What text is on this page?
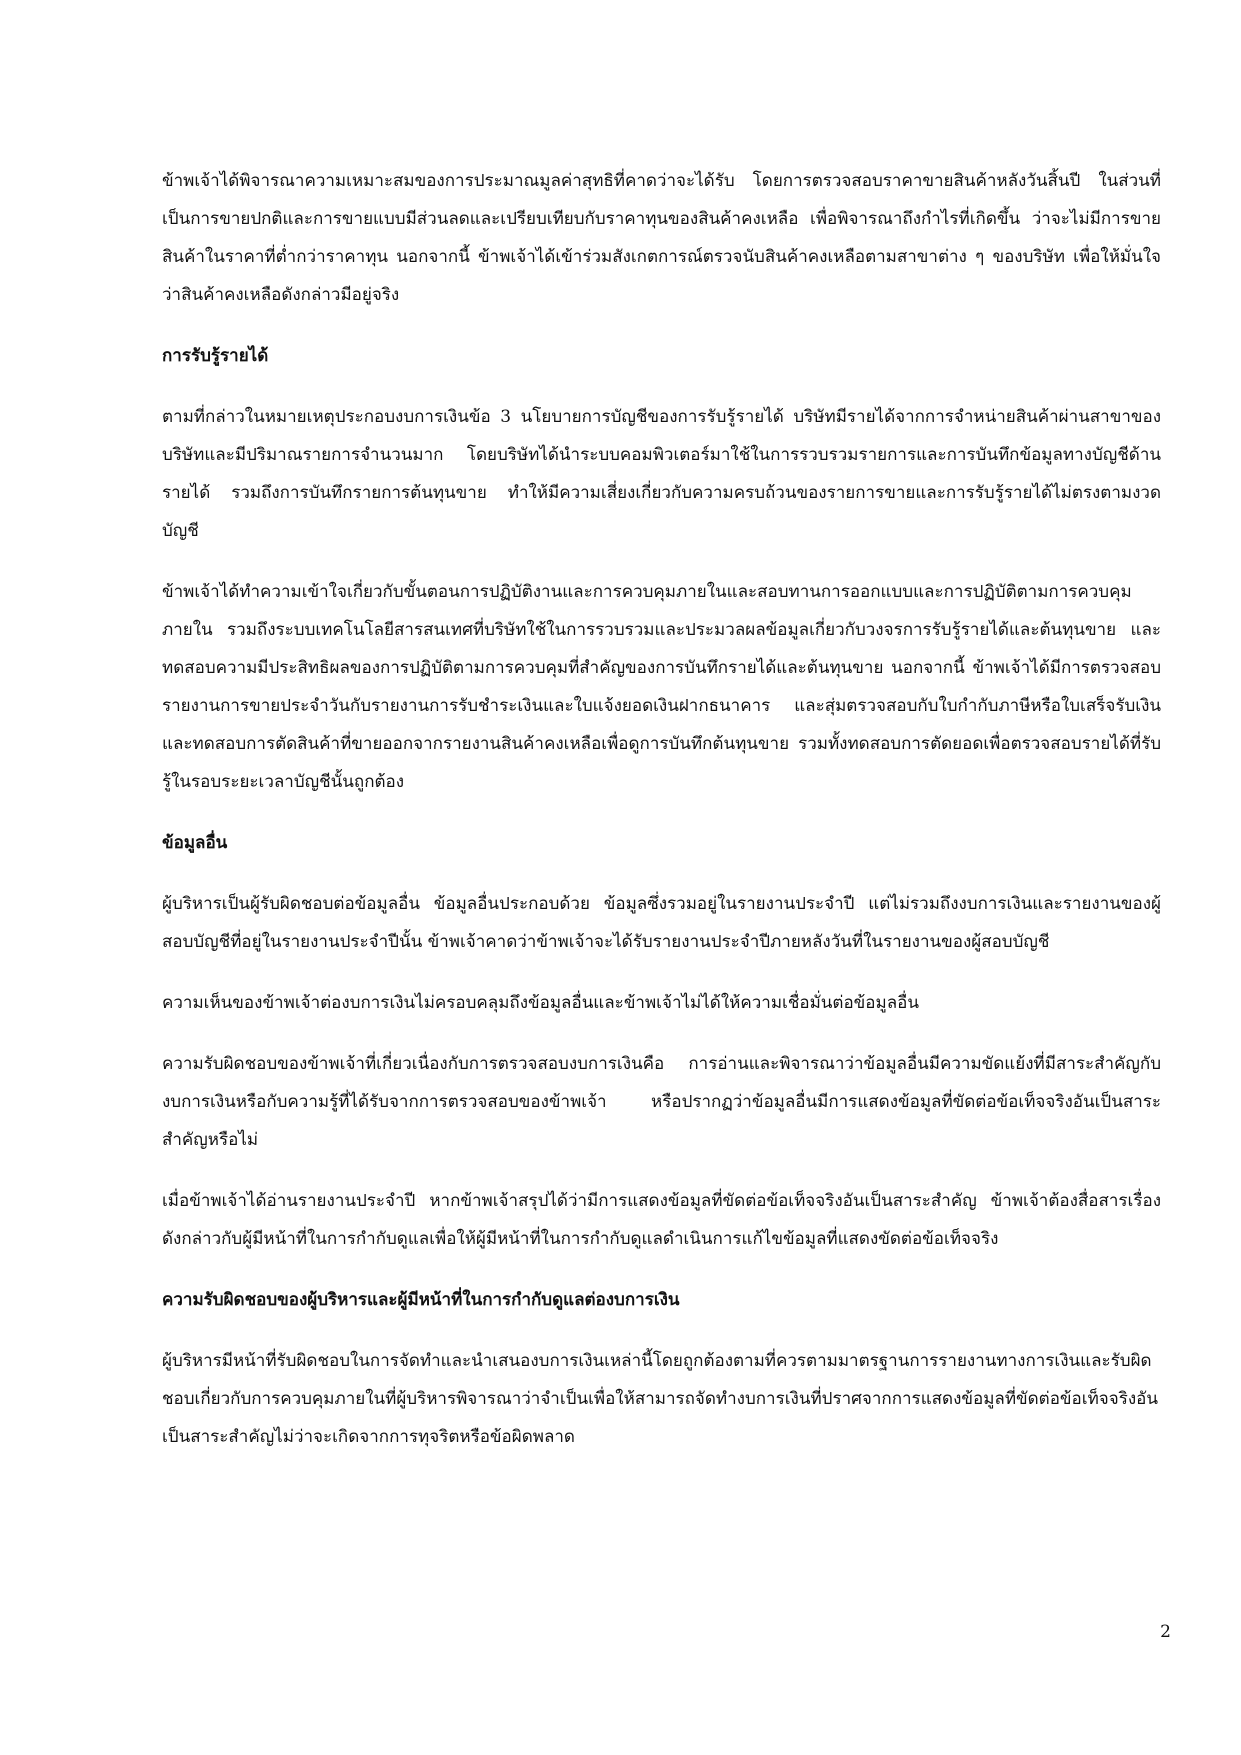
ข้าพเจ้าได้พิจารณาความเหมาะสมของการประมาณมูลค่าสุทธิที่คาดว่าจะได้รับ โดยการตรวจสอบราคาขายสินค้าหลังวันสิ้นปี ในส่วนที่เป็นการขายปกติและการขายแบบมีส่วนลดและเปรียบเทียบกับราคาทุนของสินค้าคงเหลือ เพื่อพิจารณาถึงกำไรที่เกิดขึ้น ว่าจะไม่มีการขายสินค้าในราคาที่ต่ำกว่าราคาทุน นอกจากนี้ ข้าพเจ้าได้เข้าร่วมสังเกตการณ์ตรวจนับสินค้าคงเหลือตามสาขาต่าง ๆ ของบริษัท เพื่อให้มั่นใจว่าสินค้าคงเหลือดังกล่าวมีอยู่จริง

การรับรู้รายได้

ตามที่กล่าวในหมายเหตุประกอบงบการเงินข้อ 3 นโยบายการบัญชีของการรับรู้รายได้ บริษัทมีรายได้จากการจำหน่ายสินค้าผ่านสาขาของบริษัทและมีปริมาณรายการจำนวนมาก โดยบริษัทได้นำระบบคอมพิวเตอร์มาใช้ในการรวบรวมรายการและการบันทึกข้อมูลทางบัญชีด้านรายได้ รวมถึงการบันทึกรายการต้นทุนขาย ทำให้มีความเสี่ยงเกี่ยวกับความครบถ้วนของรายการขายและการรับรู้รายได้ไม่ตรงตามงวดบัญชี

ข้าพเจ้าได้ทำความเข้าใจเกี่ยวกับขั้นตอนการปฏิบัติงานและการควบคุมภายในและสอบทานการออกแบบและการปฏิบัติตามการควบคุมภายใน รวมถึงระบบเทคโนโลยีสารสนเทศที่บริษัทใช้ในการรวบรวมและประมวลผลข้อมูลเกี่ยวกับวงจรการรับรู้รายได้และต้นทุนขาย และทดสอบความมีประสิทธิผลของการปฏิบัติตามการควบคุมที่สำคัญของการบันทึกรายได้และต้นทุนขาย นอกจากนี้ ข้าพเจ้าได้มีการตรวจสอบรายงานการขายประจำวันกับรายงานการรับชำระเงินและใบแจ้งยอดเงินฝากธนาคาร และสุ่มตรวจสอบกับใบกำกับภาษีหรือใบเสร็จรับเงิน และทดสอบการตัดสินค้าที่ขายออกจากรายงานสินค้าคงเหลือเพื่อดูการบันทึกต้นทุนขาย รวมทั้งทดสอบการตัดยอดเพื่อตรวจสอบรายได้ที่รับรู้ในรอบระยะเวลาบัญชีนั้นถูกต้อง

ข้อมูลอื่น

ผู้บริหารเป็นผู้รับผิดชอบต่อข้อมูลอื่น ข้อมูลอื่นประกอบด้วย ข้อมูลซึ่งรวมอยู่ในรายงานประจำปี แต่ไม่รวมถึงงบการเงินและรายงานของผู้สอบบัญชีที่อยู่ในรายงานประจำปีนั้น ข้าพเจ้าคาดว่าข้าพเจ้าจะได้รับรายงานประจำปีภายหลังวันที่ในรายงานของผู้สอบบัญชี

ความเห็นของข้าพเจ้าต่องบการเงินไม่ครอบคลุมถึงข้อมูลอื่นและข้าพเจ้าไม่ได้ให้ความเชื่อมั่นต่อข้อมูลอื่น

ความรับผิดชอบของข้าพเจ้าที่เกี่ยวเนื่องกับการตรวจสอบงบการเงินคือ การอ่านและพิจารณาว่าข้อมูลอื่นมีความขัดแย้งที่มีสาระสำคัญกับงบการเงินหรือกับความรู้ที่ได้รับจากการตรวจสอบของข้าพเจ้า หรือปรากฏว่าข้อมูลอื่นมีการแสดงข้อมูลที่ขัดต่อข้อเท็จจริงอันเป็นสาระสำคัญหรือไม่

เมื่อข้าพเจ้าได้อ่านรายงานประจำปี หากข้าพเจ้าสรุปได้ว่ามีการแสดงข้อมูลที่ขัดต่อข้อเท็จจริงอันเป็นสาระสำคัญ ข้าพเจ้าต้องสื่อสารเรื่องดังกล่าวกับผู้มีหน้าที่ในการกำกับดูแลเพื่อให้ผู้มีหน้าที่ในการกำกับดูแลดำเนินการแก้ไขข้อมูลที่แสดงขัดต่อข้อเท็จจริง

ความรับผิดชอบของผู้บริหารและผู้มีหน้าที่ในการกำกับดูแลต่องบการเงิน

ผู้บริหารมีหน้าที่รับผิดชอบในการจัดทำและนำเสนองบการเงินเหล่านี้โดยถูกต้องตามที่ควรตามมาตรฐานการรายงานทางการเงินและรับผิดชอบเกี่ยวกับการควบคุมภายในที่ผู้บริหารพิจารณาว่าจำเป็นเพื่อให้สามารถจัดทำงบการเงินที่ปราศจากการแสดงข้อมูลที่ขัดต่อข้อเท็จจริงอันเป็นสาระสำคัญไม่ว่าจะเกิดจากการทุจริตหรือข้อผิดพลาด

2
